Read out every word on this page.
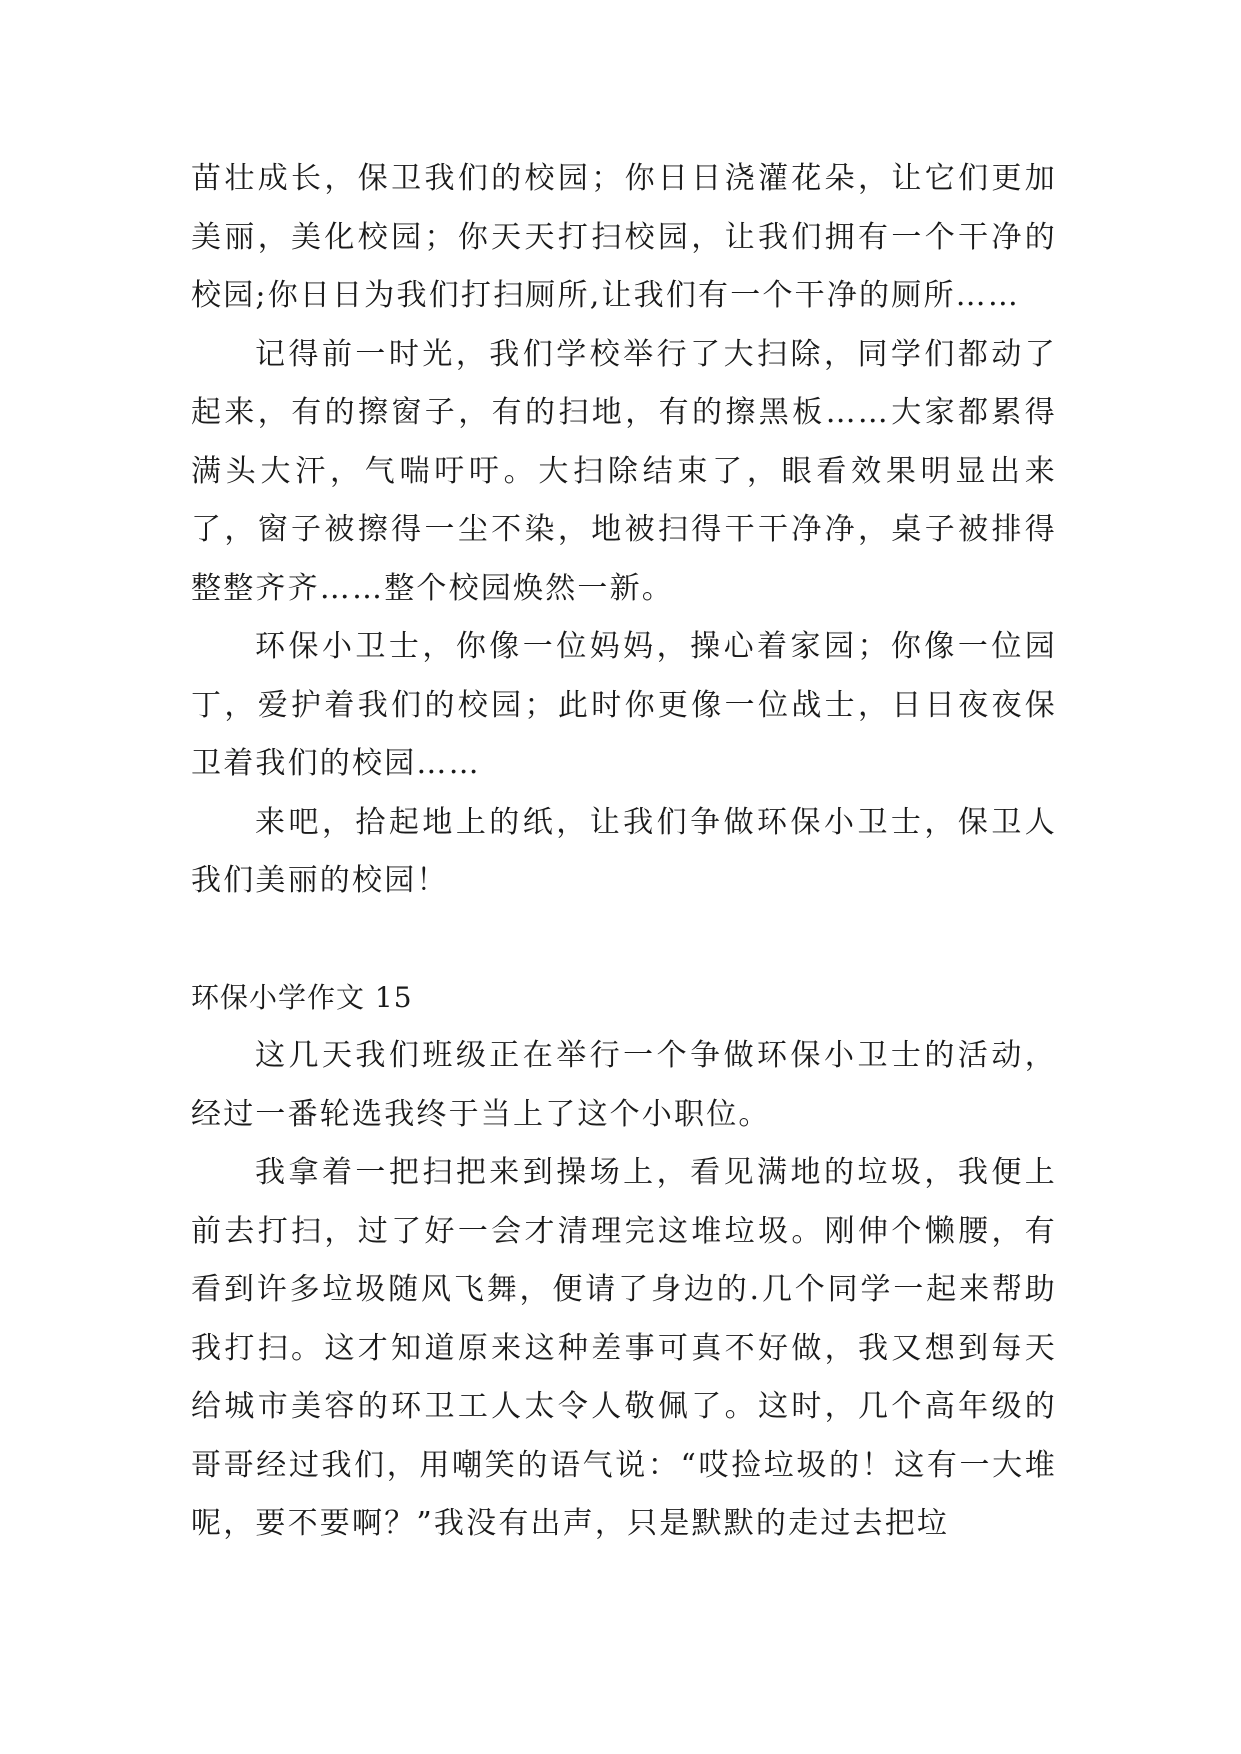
苗壮成长，保卫我们的校园；你日日浇灌花朵，让它们更加美丽，美化校园；你天天打扫校园，让我们拥有一个干净的校园;你日日为我们打扫厕所,让我们有一个干净的厕所……

记得前一时光，我们学校举行了大扫除，同学们都动了起来，有的擦窗子，有的扫地，有的擦黑板……大家都累得满头大汗，气喘吁吁。大扫除结束了，眼看效果明显出来了，窗子被擦得一尘不染，地被扫得干干净净，桌子被排得整整齐齐……整个校园焕然一新。

环保小卫士，你像一位妈妈，操心着家园；你像一位园丁，爱护着我们的校园；此时你更像一位战士，日日夜夜保卫着我们的校园……

来吧，拾起地上的纸，让我们争做环保小卫士，保卫人我们美丽的校园！

环保小学作文 15

这几天我们班级正在举行一个争做环保小卫士的活动，经过一番轮选我终于当上了这个小职位。

我拿着一把扫把来到操场上，看见满地的垃圾，我便上前去打扫，过了好一会才清理完这堆垃圾。刚伸个懒腰，有看到许多垃圾随风飞舞，便请了身边的.几个同学一起来帮助我打扫。这才知道原来这种差事可真不好做，我又想到每天给城市美容的环卫工人太令人敬佩了。这时，几个高年级的哥哥经过我们，用嘲笑的语气说：“哎捡垃圾的！这有一大堆呢，要不要啊？”我没有出声，只是默默的走过去把垃
